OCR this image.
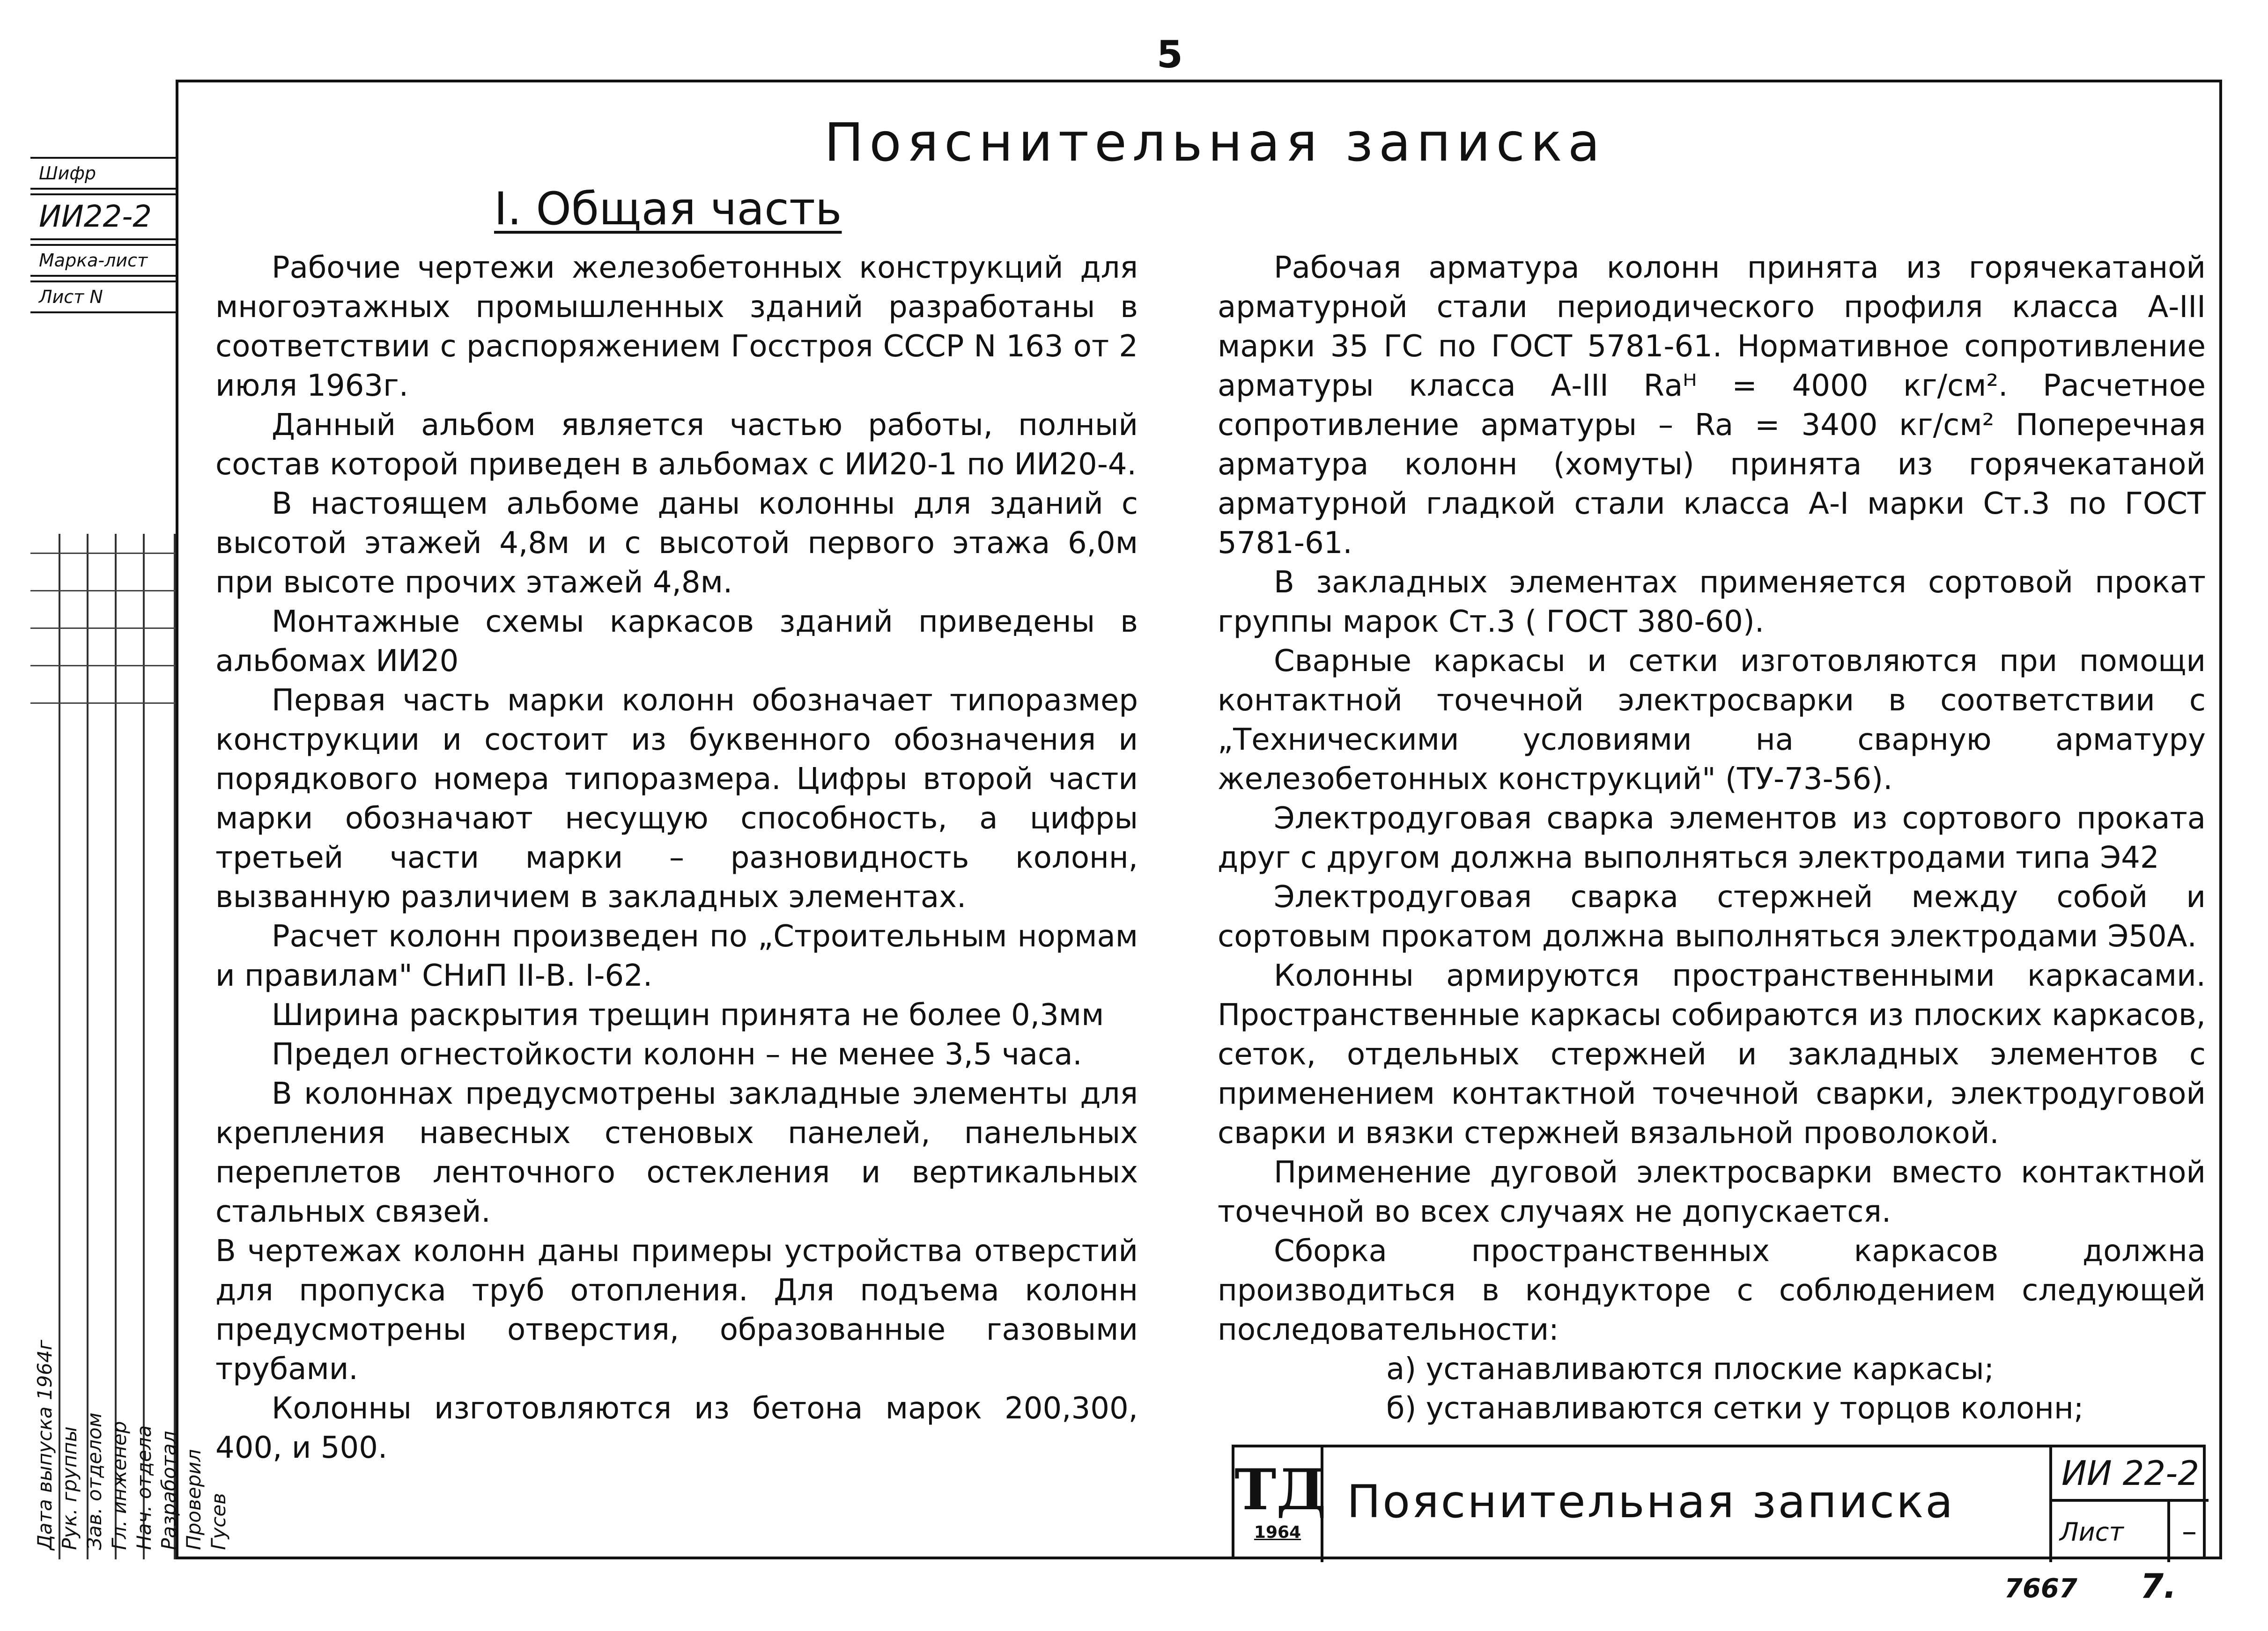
5
Шифр
ИИ22-2
Марка-лист
Лист N
Дата выпуска 1964г Рук. группы Зав. отделом Гл. инженер Нач. отдела Разработал Проверил Гусев
Пояснительная записка
I. Общая часть

Рабочие чертежи железобетонных конструкций для многоэтажных промышленных зданий разработаны в соответствии с распоряжением Госстроя СССР N 163 от 2 июля 1963г.

Данный альбом является частью работы, полный состав которой приведен в альбомах с ИИ20-1 по ИИ20-4.

В настоящем альбоме даны колонны для зданий с высотой этажей 4,8м и с высотой первого этажа 6,0м при высоте прочих этажей 4,8м.

Монтажные схемы каркасов зданий приведены в альбомах ИИ20

Первая часть марки колонн обозначает типоразмер конструкции и состоит из буквенного обозначения и порядкового номера типоразмера. Цифры второй части марки обозначают несущую способность, а цифры третьей части марки – разновидность колонн, вызванную различием в закладных элементах.

Расчет колонн произведен по „Строительным нормам и правилам" СНиП II-В. I-62.

Ширина раскрытия трещин принята не более 0,3мм

Предел огнестойкости колонн – не менее 3,5 часа.

В колоннах предусмотрены закладные элементы для крепления навесных стеновых панелей, панельных переплетов ленточного остекления и вертикальных стальных связей.

В чертежах колонн даны примеры устройства отверстий для пропуска труб отопления. Для подъема колонн предусмотрены отверстия, образованные газовыми трубами.

Колонны изготовляются из бетона марок 200,300, 400, и 500.

Рабочая арматура колонн принята из горячекатаной арматурной стали периодического профиля класса А-III марки 35 ГС по ГОСТ 5781-61. Нормативное сопротивление арматуры класса А-III Rаᴴ = 4000 кг/см². Расчетное сопротивление арматуры – Ra = 3400 кг/см² Поперечная арматура колонн (хомуты) принята из горячекатаной арматурной гладкой стали класса А-I марки Ст.3 по ГОСТ 5781-61.

В закладных элементах применяется сортовой прокат группы марок Ст.3 ( ГОСТ 380-60).

Сварные каркасы и сетки изготовляются при помощи контактной точечной электросварки в соответствии с „Техническими условиями на сварную арматуру железобетонных конструкций" (ТУ-73-56).

Электродуговая сварка элементов из сортового проката друг с другом должна выполняться электродами типа Э42

Электродуговая сварка стержней между собой и сортовым прокатом должна выполняться электродами Э50А.

Колонны армируются пространственными каркасами. Пространственные каркасы собираются из плоских каркасов, сеток, отдельных стержней и закладных элементов с применением контактной точечной сварки, электродуговой сварки и вязки стержней вязальной проволокой.

Применение дуговой электросварки вместо контактной точечной во всех случаях не допускается.

Сборка пространственных каркасов должна производиться в кондукторе с соблюдением следующей последовательности:

а) устанавливаются плоские каркасы;

б) устанавливаются сетки у торцов колонн;

ТД
1964
Пояснительная записка
ИИ 22-2
Лист	–
7667 7.
